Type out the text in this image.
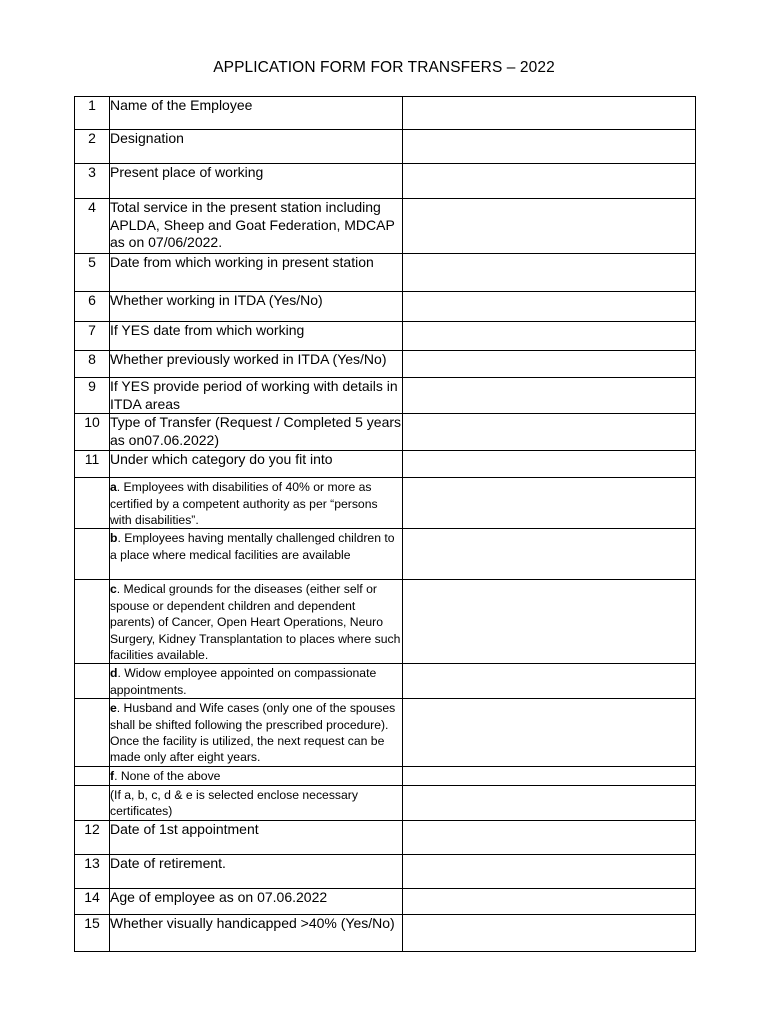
APPLICATION FORM FOR TRANSFERS – 2022
1	Name of the Employee	
2	Designation	
3	Present place of working	
4	Total service in the present station including APLDA, Sheep and Goat Federation, MDCAP as on 07/06/2022.	
5	Date from which working in present station	
6	Whether working in ITDA (Yes/No)	
7	If YES date from which working	
8	Whether previously worked in ITDA (Yes/No)	
9	If YES provide period of working with details in ITDA areas	
10	Type of Transfer (Request / Completed 5 years as on07.06.2022)	
11	Under which category do you fit into	
	a. Employees with disabilities of 40% or more as certified by a competent authority as per “persons with disabilities”.	
	b. Employees having mentally challenged children to a place where medical facilities are available	
	c. Medical grounds for the diseases (either self or spouse or dependent children and dependent parents) of Cancer, Open Heart Operations, Neuro Surgery, Kidney Transplantation to places where such facilities available.	
	d. Widow employee appointed on compassionate appointments.	
	e. Husband and Wife cases (only one of the spouses shall be shifted following the prescribed procedure). Once the facility is utilized, the next request can be made only after eight years.	
	f. None of the above	
	(If a, b, c, d & e is selected enclose necessary certificates)	
12	Date of 1st appointment	
13	Date of retirement.	
14	Age of employee as on 07.06.2022	
15	Whether visually handicapped >40% (Yes/No)	
